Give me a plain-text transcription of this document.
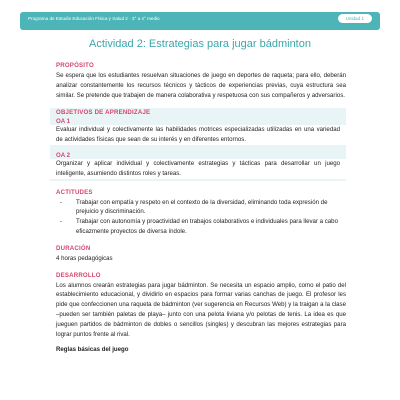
Programa de Estudio Educación Física y Salud 2 · 3° a 4° medio	Unidad 1
Actividad 2: Estrategias para jugar bádminton

PROPÓSITO

Se espera que los estudiantes resuelvan situaciones de juego en deportes de raqueta; para ello, deberán analizar constantemente los recursos técnicos y tácticos de experiencias previas, cuya estructura sea similar. Se pretende que trabajen de manera colaborativa y respetuosa con sus compañeros y adversarios.

OBJETIVOS DE APRENDIZAJE

OA 1

Evaluar individual y colectivamente las habilidades motrices especializadas utilizadas en una variedad de actividades físicas que sean de su interés y en diferentes entornos.

OA 2

Organizar y aplicar individual y colectivamente estrategias y tácticas para desarrollar un juego inteligente, asumiendo distintos roles y tareas.

ACTITUDES

- Trabajar con empatía y respeto en el contexto de la diversidad, eliminando toda expresión de prejuicio y discriminación.
- Trabajar con autonomía y proactividad en trabajos colaborativos e individuales para llevar a cabo eficazmente proyectos de diversa índole.

DURACIÓN

4 horas pedagógicas

DESARROLLO

Los alumnos crearán estrategias para jugar bádminton. Se necesita un espacio amplio, como el patio del establecimiento educacional, y dividirlo en espacios para formar varias canchas de juego. El profesor les pide que confeccionen una raqueta de bádminton (ver sugerencia en Recursos Web) y la traigan a la clase –pueden ser también paletas de playa– junto con una pelota liviana y/o pelotas de tenis. La idea es que jueguen partidos de bádminton de dobles o sencillos (singles) y descubran las mejores estrategias para lograr puntos frente al rival.

Reglas básicas del juego
